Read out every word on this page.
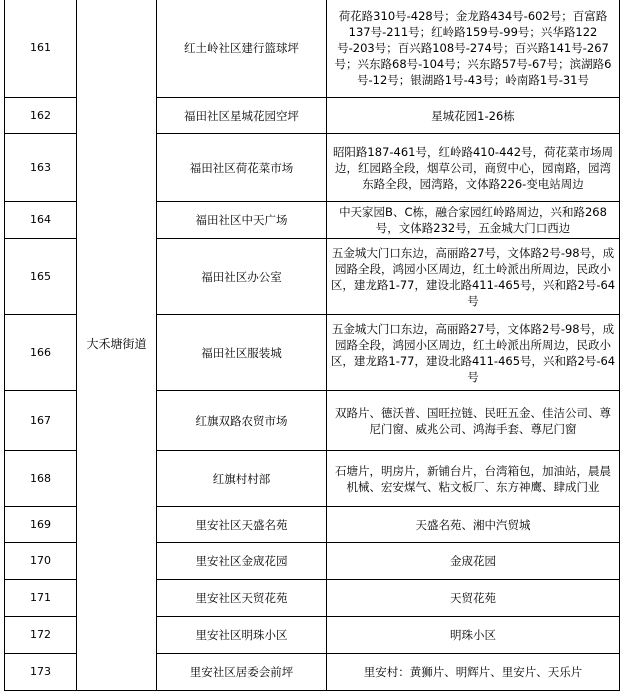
161	大禾塘街道	红土岭社区建行篮球坪	荷花路310号-428号；金龙路434号-602号；百富路137号-211号；红岭路159号-99号；兴华路122号-203号；百兴路108号-274号；百兴路141号-267号；兴东路68号-104号；兴东路57号-67号；滨湖路6号-12号；银湖路1号-43号；岭南路1号-31号
162		福田社区星城花园空坪	星城花园1-26栋
163		福田社区荷花菜市场	昭阳路187-461号，红岭路410-442号，荷花菜市场周边，红园路全段，烟草公司，商贸中心，园南路，园湾东路全段，园湾路，文体路226-变电站周边
164		福田社区中天广场	中天家园B、C栋，融合家园红岭路周边，兴和路268号，文体路232号，五金城大门口西边
165		福田社区办公室	五金城大门口东边，高丽路27号，文体路2号-98号，成园路全段，鸿园小区周边，红土岭派出所周边，民政小区，建龙路1-77，建设北路411-465号，兴和路2号-64号
166		福田社区服装城	五金城大门口东边，高丽路27号，文体路2号-98号，成园路全段，鸿园小区周边，红土岭派出所周边，民政小区，建龙路1-77，建设北路411-465号，兴和路2号-64号
167		红旗双路农贸市场	双路片、德沃普、国旺拉链、民旺五金、佳洁公司、尊尼门窗、威兆公司、鸿海手套、尊尼门窗
168		红旗村村部	石塘片，明房片，新铺台片，台湾箱包，加油站，晨晨机械、宏安煤气、粘文板厂、东方神鹰、肆成门业
169		里安社区天盛名苑	天盛名苑、湘中汽贸城
170		里安社区金宬花园	金宬花园
171		里安社区天贸花苑	天贸花苑
172		里安社区明珠小区	明珠小区
173		里安社区居委会前坪	里安村：黄狮片、明辉片、里安片、天乐片
